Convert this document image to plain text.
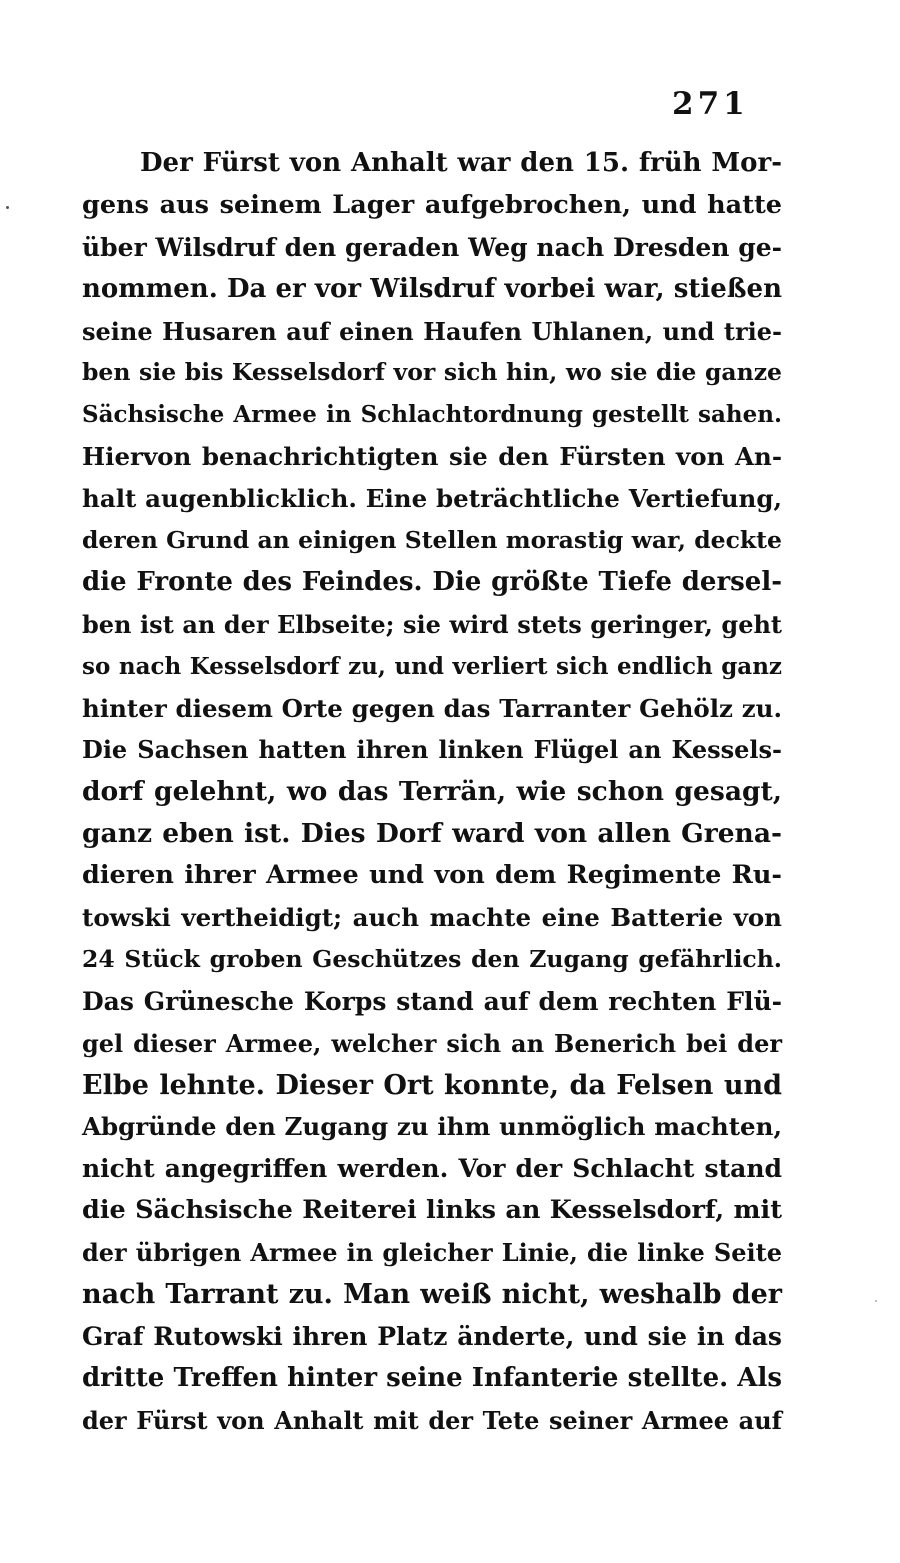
271
Der Fürst von Anhalt war den 15. früh Mor-
gens aus seinem Lager aufgebrochen, und hatte
über Wilsdruf den geraden Weg nach Dresden ge-
nommen. Da er vor Wilsdruf vorbei war, stießen
seine Husaren auf einen Haufen Uhlanen, und trie-
ben sie bis Kesselsdorf vor sich hin, wo sie die ganze
Sächsische Armee in Schlachtordnung gestellt sahen.
Hiervon benachrichtigten sie den Fürsten von An-
halt augenblicklich. Eine beträchtliche Vertiefung,
deren Grund an einigen Stellen morastig war, deckte
die Fronte des Feindes. Die größte Tiefe dersel-
ben ist an der Elbseite; sie wird stets geringer, geht
so nach Kesselsdorf zu, und verliert sich endlich ganz
hinter diesem Orte gegen das Tarranter Gehölz zu.
Die Sachsen hatten ihren linken Flügel an Kessels-
dorf gelehnt, wo das Terrän, wie schon gesagt,
ganz eben ist. Dies Dorf ward von allen Grena-
dieren ihrer Armee und von dem Regimente Ru-
towski vertheidigt; auch machte eine Batterie von
24 Stück groben Geschützes den Zugang gefährlich.
Das Grünesche Korps stand auf dem rechten Flü-
gel dieser Armee, welcher sich an Benerich bei der
Elbe lehnte. Dieser Ort konnte, da Felsen und
Abgründe den Zugang zu ihm unmöglich machten,
nicht angegriffen werden. Vor der Schlacht stand
die Sächsische Reiterei links an Kesselsdorf, mit
der übrigen Armee in gleicher Linie, die linke Seite
nach Tarrant zu. Man weiß nicht, weshalb der
Graf Rutowski ihren Platz änderte, und sie in das
dritte Treffen hinter seine Infanterie stellte. Als
der Fürst von Anhalt mit der Tete seiner Armee auf
